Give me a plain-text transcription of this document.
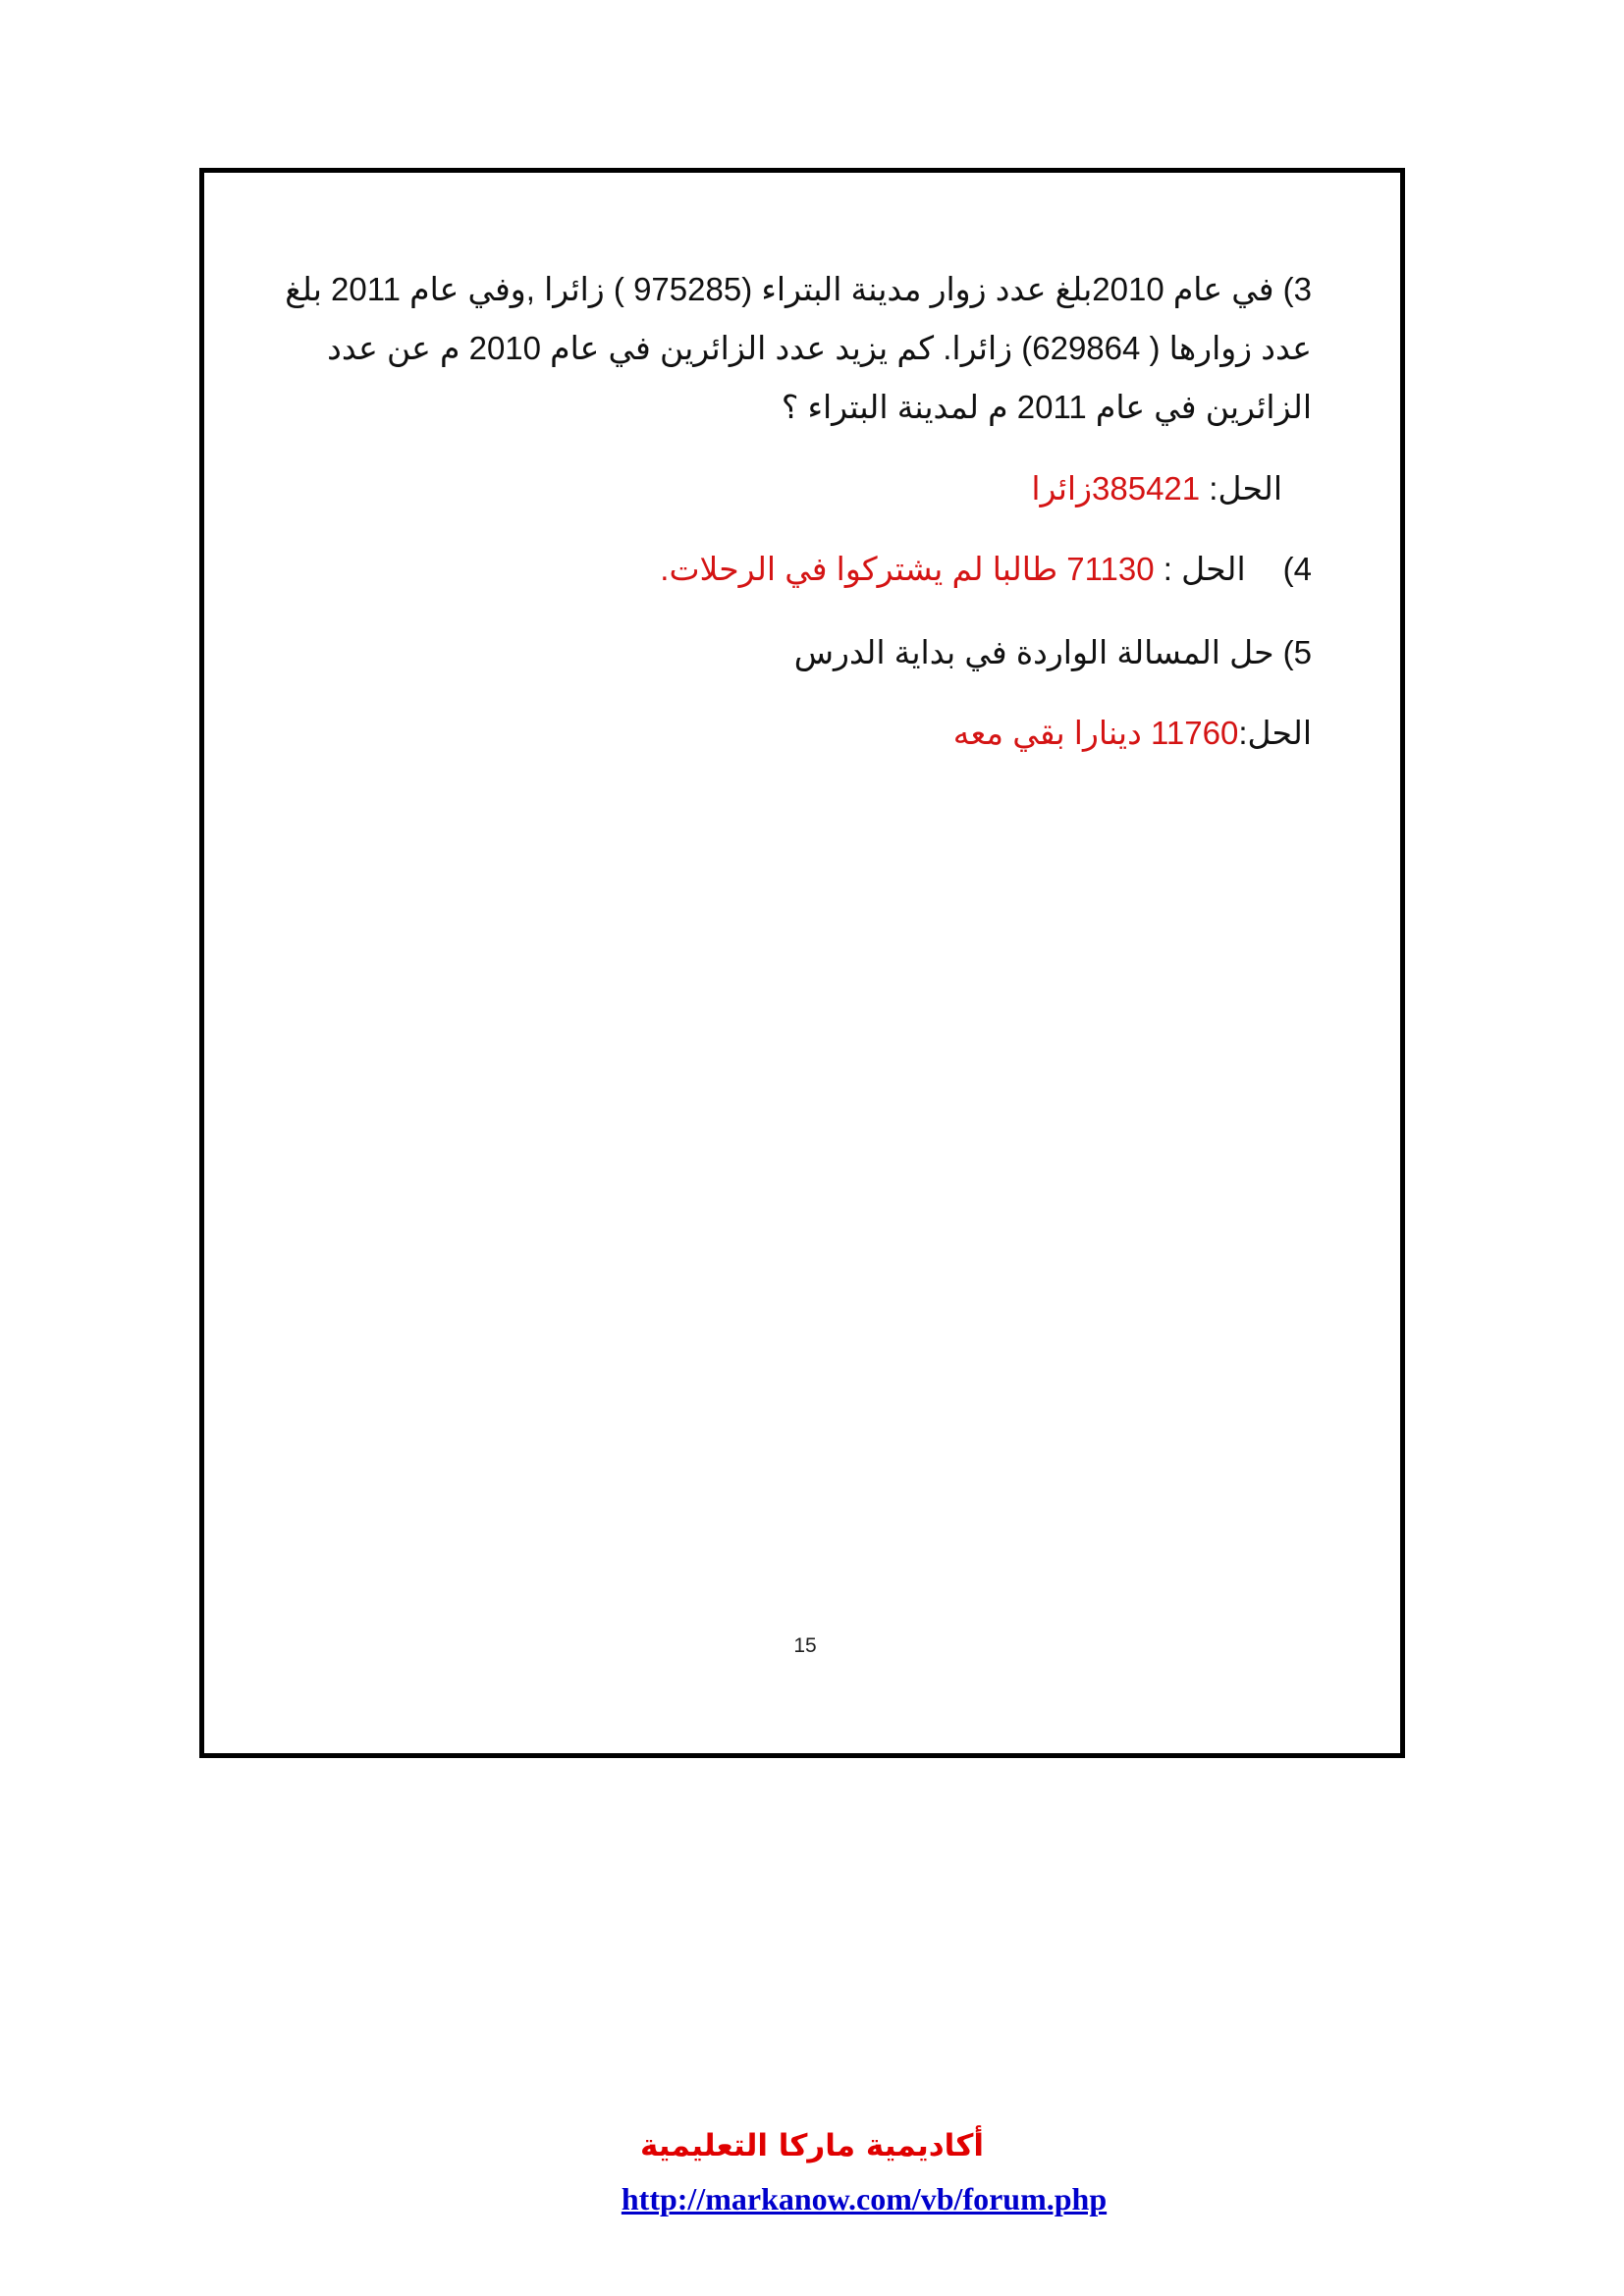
3) في عام 2010بلغ عدد زوار مدينة البتراء (975285 ) زائرا ,وفي عام 2011 بلغ
عدد زوارها ( 629864) زائرا. كم يزيد عدد الزائرين في عام 2010 م عن عدد
الزائرين في عام 2011 م لمدينة البتراء ؟
الحل: 385421زائرا
4)الحل : 71130 طالبا لم يشتركوا في الرحلات.
5) حل المسالة الواردة في بداية الدرس
الحل:11760 دينارا بقي معه
15
أكاديمية ماركا التعليمية
http://markanow.com/vb/forum.php
